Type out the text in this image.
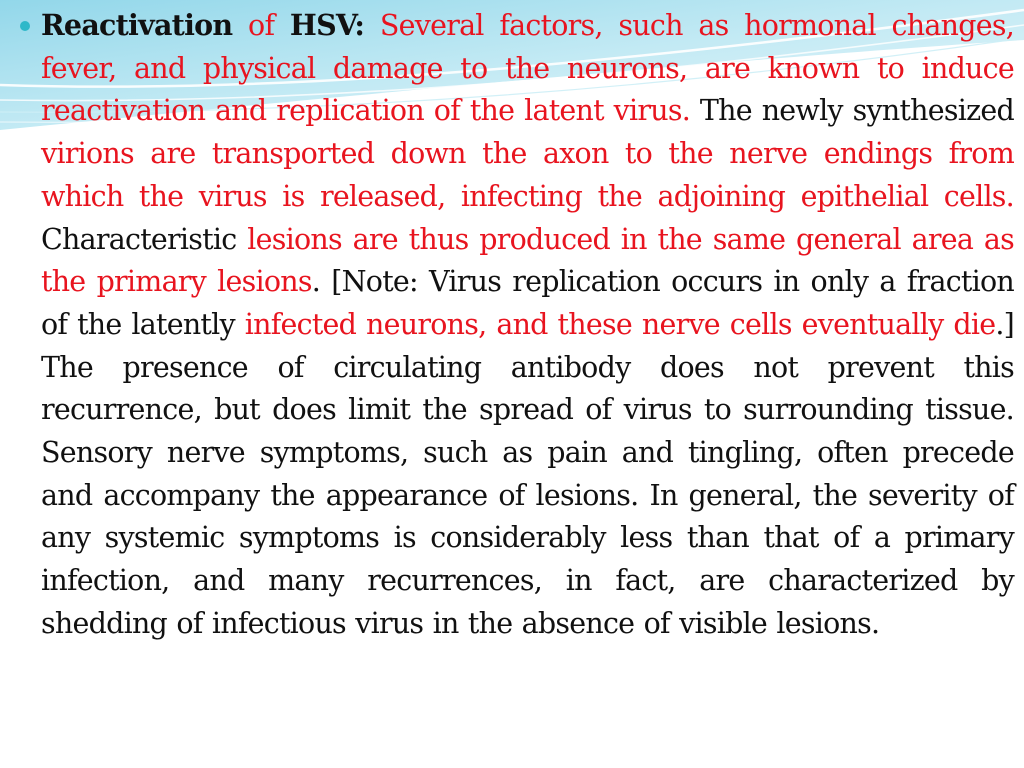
Reactivation of HSV: Several factors, such as hormonal changes, fever, and physical damage to the neurons, are known to induce reactivation and replication of the latent virus. The newly synthesized virions are transported down the axon to the nerve endings from which the virus is released, infecting the adjoining epithelial cells. Characteristic lesions are thus produced in the same general area as the primary lesions. [Note: Virus replication occurs in only a fraction of the latently infected neurons, and these nerve cells eventually die.] The presence of circulating antibody does not prevent this recurrence, but does limit the spread of virus to surrounding tissue. Sensory nerve symptoms, such as pain and tingling, often precede and accompany the appearance of lesions. In general, the severity of any systemic symptoms is considerably less than that of a primary infection, and many recurrences, in fact, are characterized by shedding of infectious virus in the absence of visible lesions.
